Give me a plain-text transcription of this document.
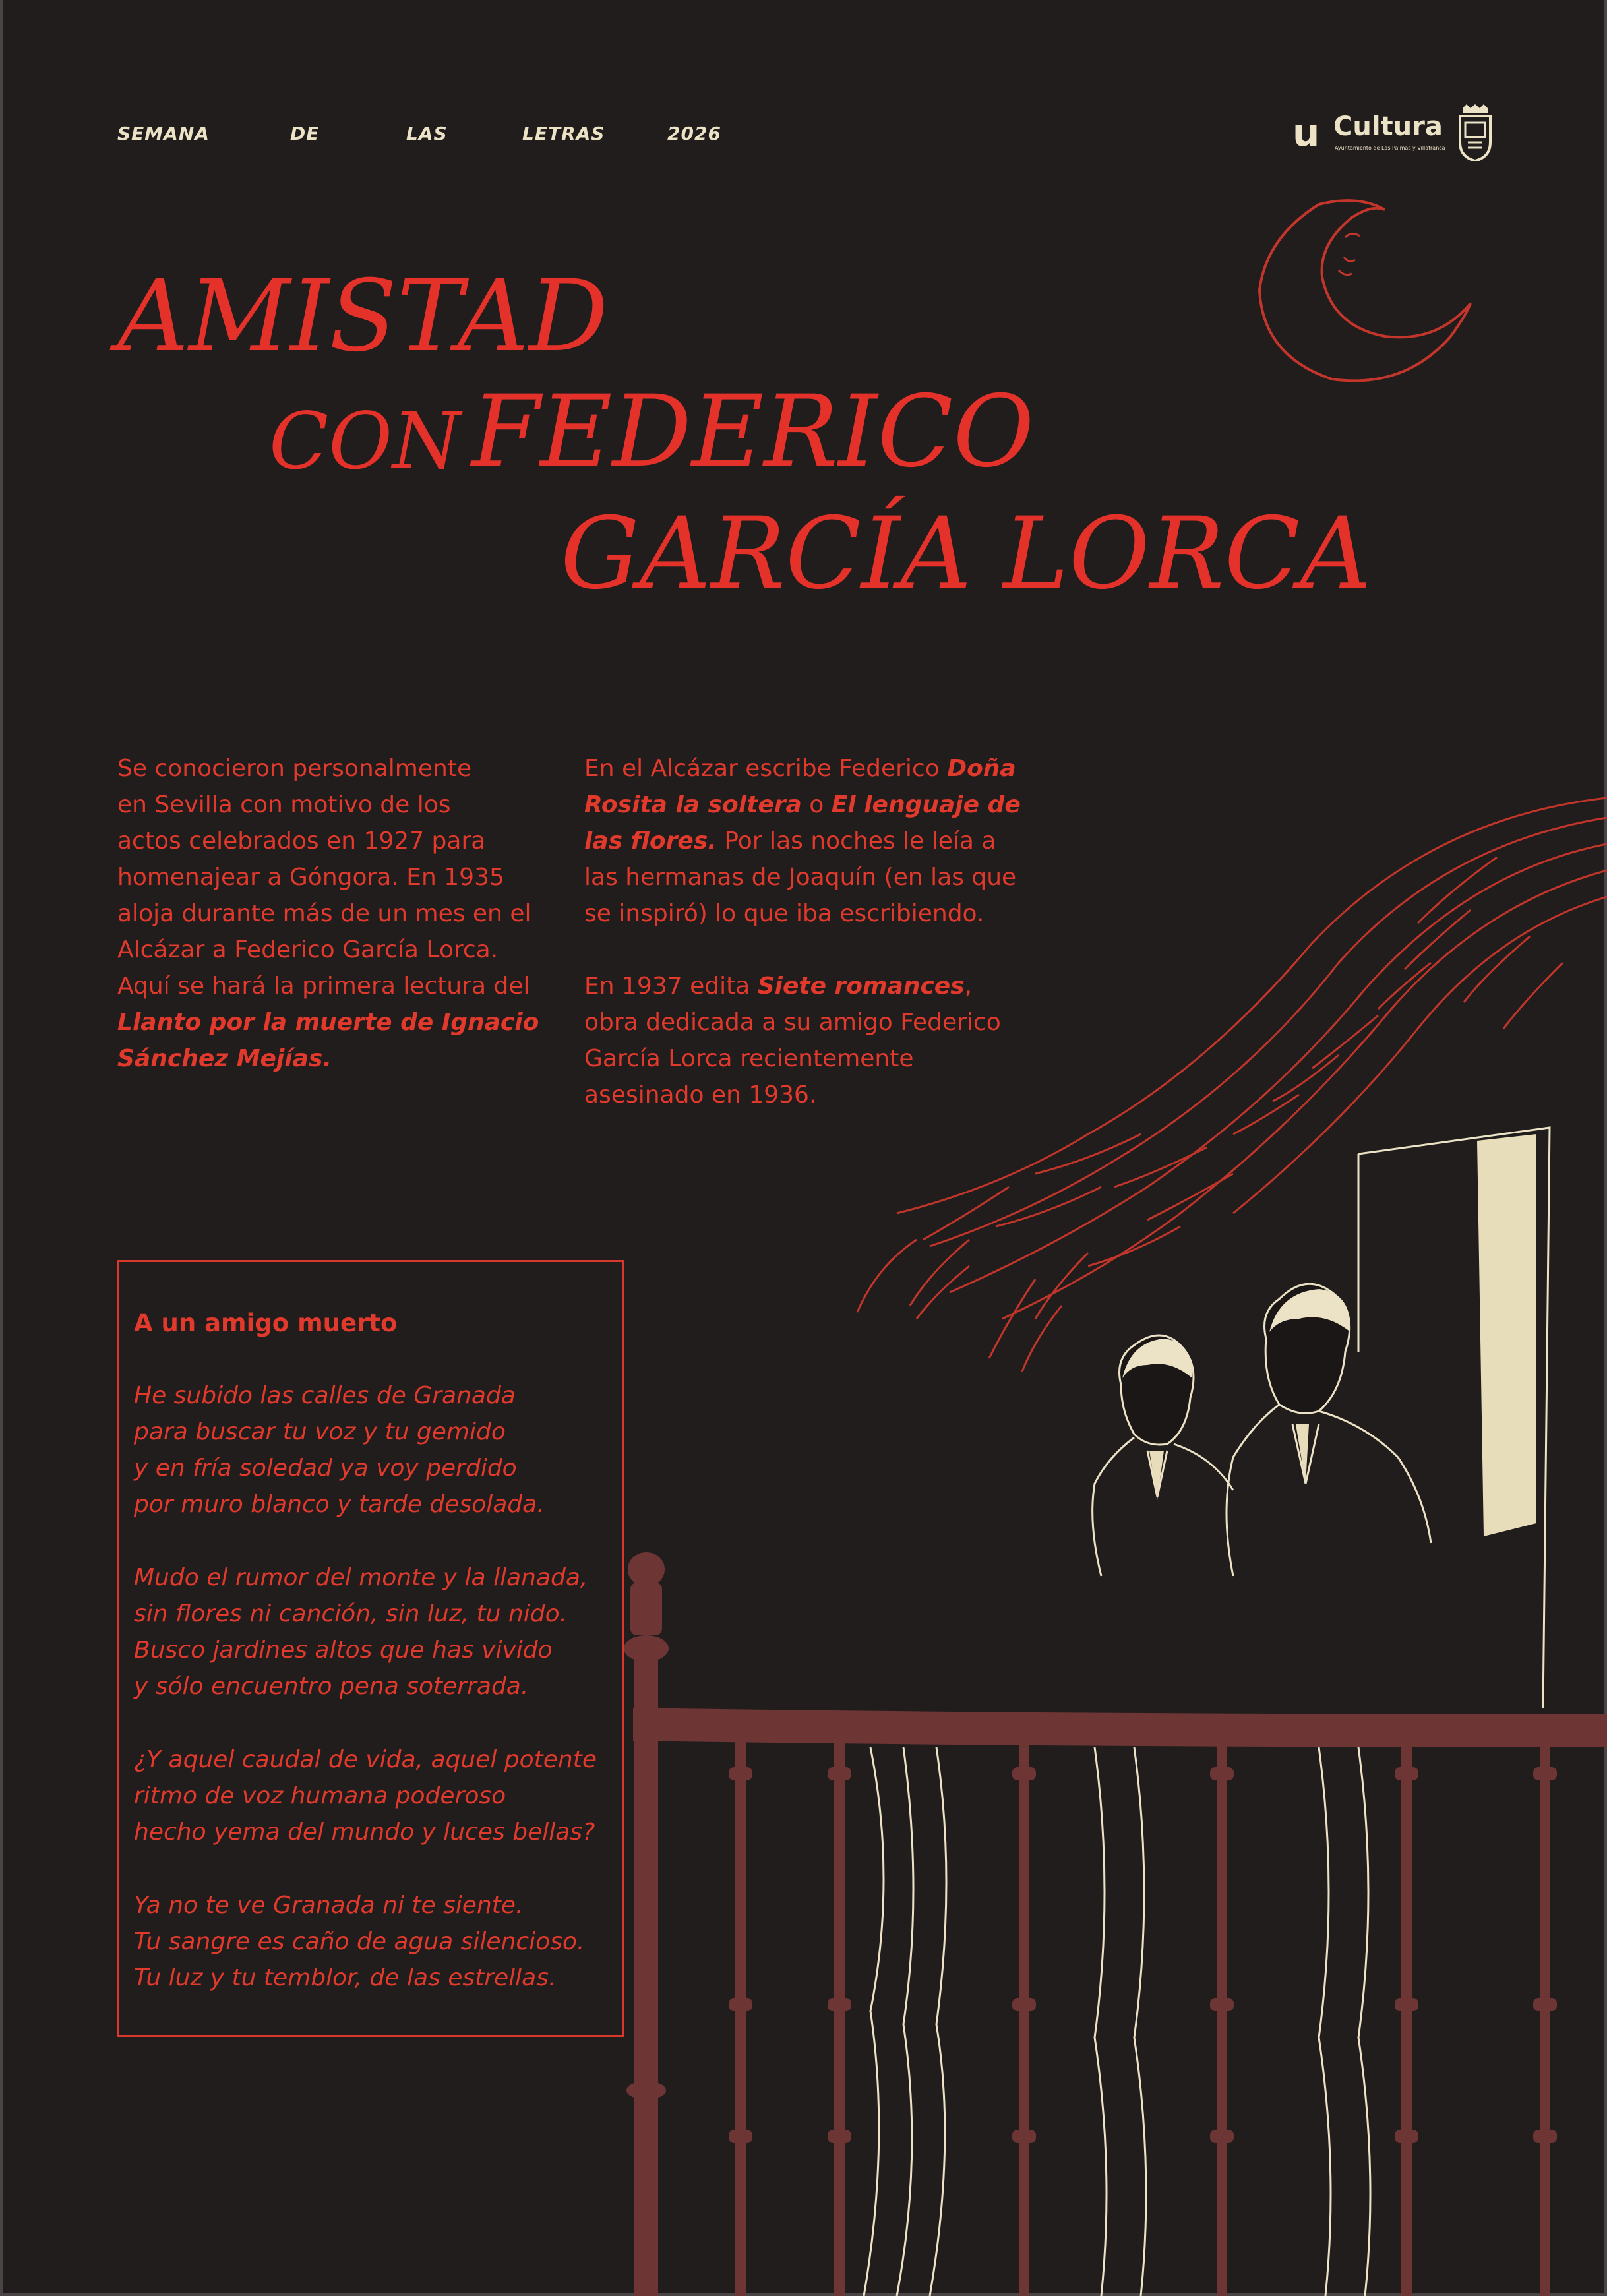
SEMANA	DE	LAS	LETRAS	2026	u Cultura
Ayuntamiento de Las Palmas y Villafranca
AMISTAD
CON FEDERICO
GARCÍA LORCA

Se conocieron personalmente

en Sevilla con motivo de los

actos celebrados en 1927 para

homenajear a Góngora. En 1935

aloja durante más de un mes en el

Alcázar a Federico García Lorca.

Aquí se hará la primera lectura del

Llanto por la muerte de Ignacio

Sánchez Mejías.

En el Alcázar escribe Federico Doña Rosita la soltera o El lenguaje de las flores. Por las noches le leía a las hermanas de Joaquín (en las que se inspiró) lo que iba escribiendo.

En 1937 edita Siete romances, obra dedicada a su amigo Federico García Lorca recientemente asesinado en 1936.

A un amigo muerto
He subido las calles de Granada
para buscar tu voz y tu gemido
y en fría soledad ya voy perdido
por muro blanco y tarde desolada.
Mudo el rumor del monte y la llanada,
sin flores ni canción, sin luz, tu nido.
Busco jardines altos que has vivido
y sólo encuentro pena soterrada.
¿Y aquel caudal de vida, aquel potente
ritmo de voz humana poderoso
hecho yema del mundo y luces bellas?
Ya no te ve Granada ni te siente.
Tu sangre es caño de agua silencioso.
Tu luz y tu temblor, de las estrellas.
